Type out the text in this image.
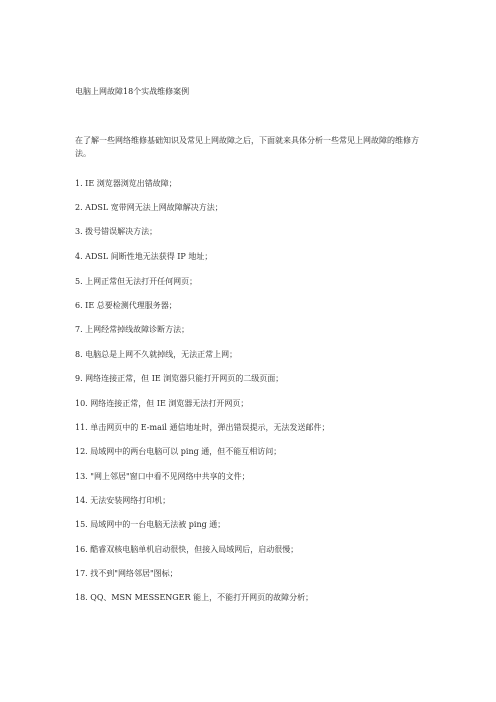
电脑上网故障18个实战维修案例
在了解一些网络维修基础知识及常见上网故障之后，下面就来具体分析一些常见上网故障的维修方法。
1. IE 浏览器浏览出错故障；
2. ADSL 宽带网无法上网故障解决方法；
3. 拨号错误解决方法；
4. ADSL 间断性地无法获得 IP 地址；
5. 上网正常但无法打开任何网页；
6. IE 总要检测代理服务器；
7. 上网经常掉线故障诊断方法；
8. 电脑总是上网不久就掉线，无法正常上网；
9. 网络连接正常，但 IE 浏览器只能打开网页的二级页面；
10. 网络连接正常，但 IE 浏览器无法打开网页；
11. 单击网页中的 E-mail 通信地址时，弹出错误提示，无法发送邮件；
12. 局域网中的两台电脑可以 ping 通，但不能互相访问；
13. "网上邻居"窗口中看不见网络中共享的文件；
14. 无法安装网络打印机；
15. 局域网中的一台电脑无法被 ping 通；
16. 酷睿双核电脑单机启动很快，但接入局域网后，启动很慢；
17. 找不到"网络邻居"图标；
18. QQ、MSN MESSENGER 能上，不能打开网页的故障分析；
